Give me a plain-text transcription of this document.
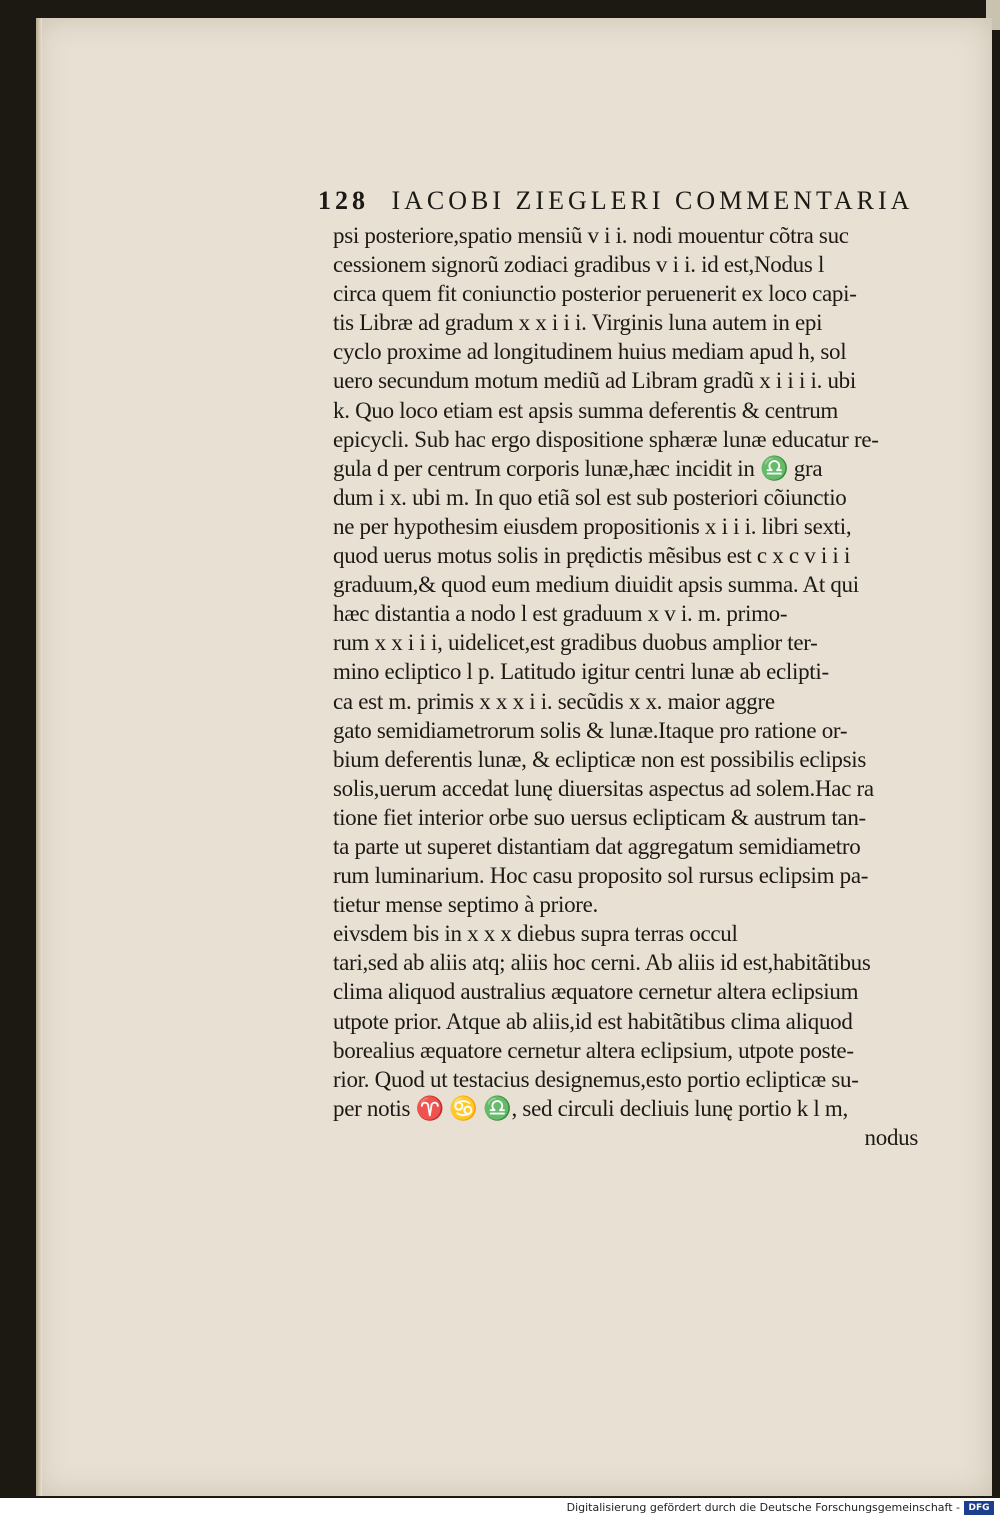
128 IACOBI ZIEGLERI COMMENTARIA
psi posteriore,spatio mensiũ v i i. nodi mouentur cõtra suc
cessionem signorũ zodiaci gradibus v i i. id est,Nodus l
circa quem fit coniunctio posterior peruenerit ex loco capi-
tis Libræ ad gradum x x i i i. Virginis luna autem in epi
cyclo proxime ad longitudinem huius mediam apud h, sol
uero secundum motum mediũ ad Libram gradũ x i i i i. ubi
k. Quo loco etiam est apsis summa deferentis & centrum
epicycli. Sub hac ergo dispositione sphæræ lunæ educatur re-
gula d per centrum corporis lunæ,hæc incidit in ♎ gra
dum i x. ubi m. In quo etiã sol est sub posteriori cõiunctio
ne per hypothesim eiusdem propositionis x i i i. libri sexti,
quod uerus motus solis in prędictis mẽsibus est c x c v i i i
graduum,& quod eum medium diuidit apsis summa. At qui
hæc distantia a nodo l est graduum x v i. m. primo-
rum x x i i i, uidelicet,est gradibus duobus amplior ter-
mino ecliptico l p. Latitudo igitur centri lunæ ab eclipti-
ca est m. primis x x x i i. secũdis x x. maior aggre
gato semidiametrorum solis & lunæ.Itaque pro ratione or-
bium deferentis lunæ, & eclipticæ non est possibilis eclipsis
solis,uerum accedat lunę diuersitas aspectus ad solem.Hac ra
tione fiet interior orbe suo uersus eclipticam & austrum tan-
ta parte ut superet distantiam dat aggregatum semidiametro
rum luminarium. Hoc casu proposito sol rursus eclipsim pa-
tietur mense septimo à priore.
eivsdem bis in x x x diebus supra terras occul
tari,sed ab aliis atq; aliis hoc cerni. Ab aliis id est,habitãtibus
clima aliquod australius æquatore cernetur altera eclipsium
utpote prior. Atque ab aliis,id est habitãtibus clima aliquod
borealius æquatore cernetur altera eclipsium, utpote poste-
rior. Quod ut testacius designemus,esto portio eclipticæ su-
per notis ♈ ♋ ♎, sed circuli decliuis lunę portio k l m,
nodus
Digitalisierung gefördert durch die Deutsche Forschungsgemeinschaft - DFG
